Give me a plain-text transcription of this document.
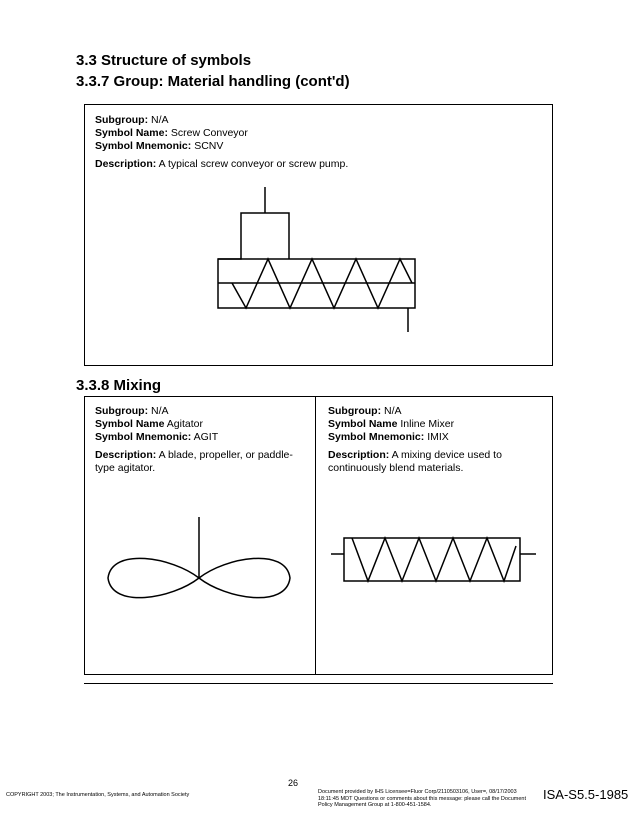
3.3 Structure of symbols
3.3.7 Group: Material handling (cont'd)
Subgroup: N/A
Symbol Name: Screw Conveyor
Symbol Mnemonic: SCNV
Description: A typical screw conveyor or screw pump.
3.3.8 Mixing
Subgroup: N/A
Symbol Name Agitator
Symbol Mnemonic: AGIT
Description: A blade, propeller, or paddle-type agitator.
Subgroup: N/A
Symbol Name Inline Mixer
Symbol Mnemonic: IMIX
Description: A mixing device used to continuously blend materials.
COPYRIGHT 2003; The Instrumentation, Systems, and Automation Society	Document provided by IHS Licensee=Fluor Corp/2110503106, User=, 08/17/2003 18:11:45 MDT Questions or comments about this message: please call the Document Policy Management Group at 1-800-451-1584.
26
ISA-S5.5-1985
